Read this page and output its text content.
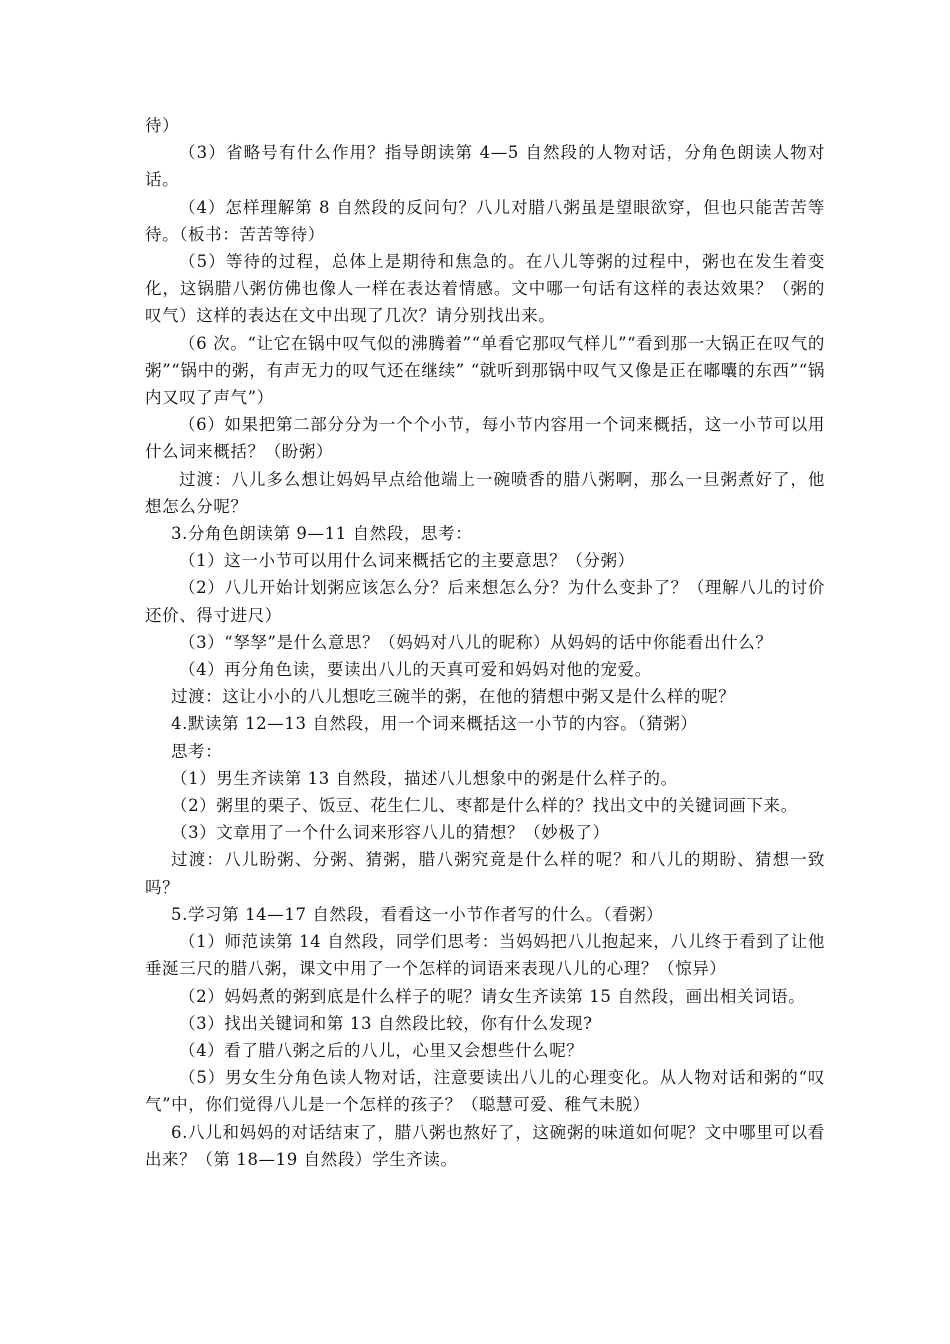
待）

（3）省略号有什么作用？指导朗读第 4—5 自然段的人物对话，分角色朗读人物对话。

（4）怎样理解第 8 自然段的反问句？八儿对腊八粥虽是望眼欲穿，但也只能苦苦等待。（板书：苦苦等待）

（5）等待的过程，总体上是期待和焦急的。在八儿等粥的过程中，粥也在发生着变化，这锅腊八粥仿佛也像人一样在表达着情感。文中哪一句话有这样的表达效果？（粥的叹气）这样的表达在文中出现了几次？请分别找出来。

（6 次。“让它在锅中叹气似的沸腾着”“单看它那叹气样儿”“看到那一大锅正在叹气的粥”“锅中的粥，有声无力的叹气还在继续” “就听到那锅中叹气又像是正在嘟囔的东西”“锅内又叹了声气”）

（6）如果把第二部分分为一个个小节，每小节内容用一个词来概括，这一小节可以用什么词来概括？（盼粥）

过渡：八儿多么想让妈妈早点给他端上一碗喷香的腊八粥啊，那么一旦粥煮好了，他想怎么分呢？

3.分角色朗读第 9—11 自然段，思考：

（1）这一小节可以用什么词来概括它的主要意思？（分粥）

（2）八儿开始计划粥应该怎么分？后来想怎么分？为什么变卦了？（理解八儿的讨价还价、得寸进尺）

（3）“孥孥”是什么意思？（妈妈对八儿的昵称）从妈妈的话中你能看出什么？

（4）再分角色读，要读出八儿的天真可爱和妈妈对他的宠爱。

过渡：这让小小的八儿想吃三碗半的粥，在他的猜想中粥又是什么样的呢？

4.默读第 12—13 自然段，用一个词来概括这一小节的内容。（猜粥）

思考：

（1）男生齐读第 13 自然段，描述八儿想象中的粥是什么样子的。

（2）粥里的栗子、饭豆、花生仁儿、枣都是什么样的？找出文中的关键词画下来。

（3）文章用了一个什么词来形容八儿的猜想？（妙极了）

过渡：八儿盼粥、分粥、猜粥，腊八粥究竟是什么样的呢？和八儿的期盼、猜想一致吗？

5.学习第 14—17 自然段，看看这一小节作者写的什么。（看粥）

（1）师范读第 14 自然段，同学们思考：当妈妈把八儿抱起来，八儿终于看到了让他垂涎三尺的腊八粥，课文中用了一个怎样的词语来表现八儿的心理？（惊异）

（2）妈妈煮的粥到底是什么样子的呢？请女生齐读第 15 自然段，画出相关词语。

（3）找出关键词和第 13 自然段比较，你有什么发现?

（4）看了腊八粥之后的八儿，心里又会想些什么呢？

（5）男女生分角色读人物对话，注意要读出八儿的心理变化。从人物对话和粥的“叹气”中，你们觉得八儿是一个怎样的孩子？（聪慧可爱、稚气未脱）

6.八儿和妈妈的对话结束了，腊八粥也熬好了，这碗粥的味道如何呢？文中哪里可以看出来？（第 18—19 自然段）学生齐读。
